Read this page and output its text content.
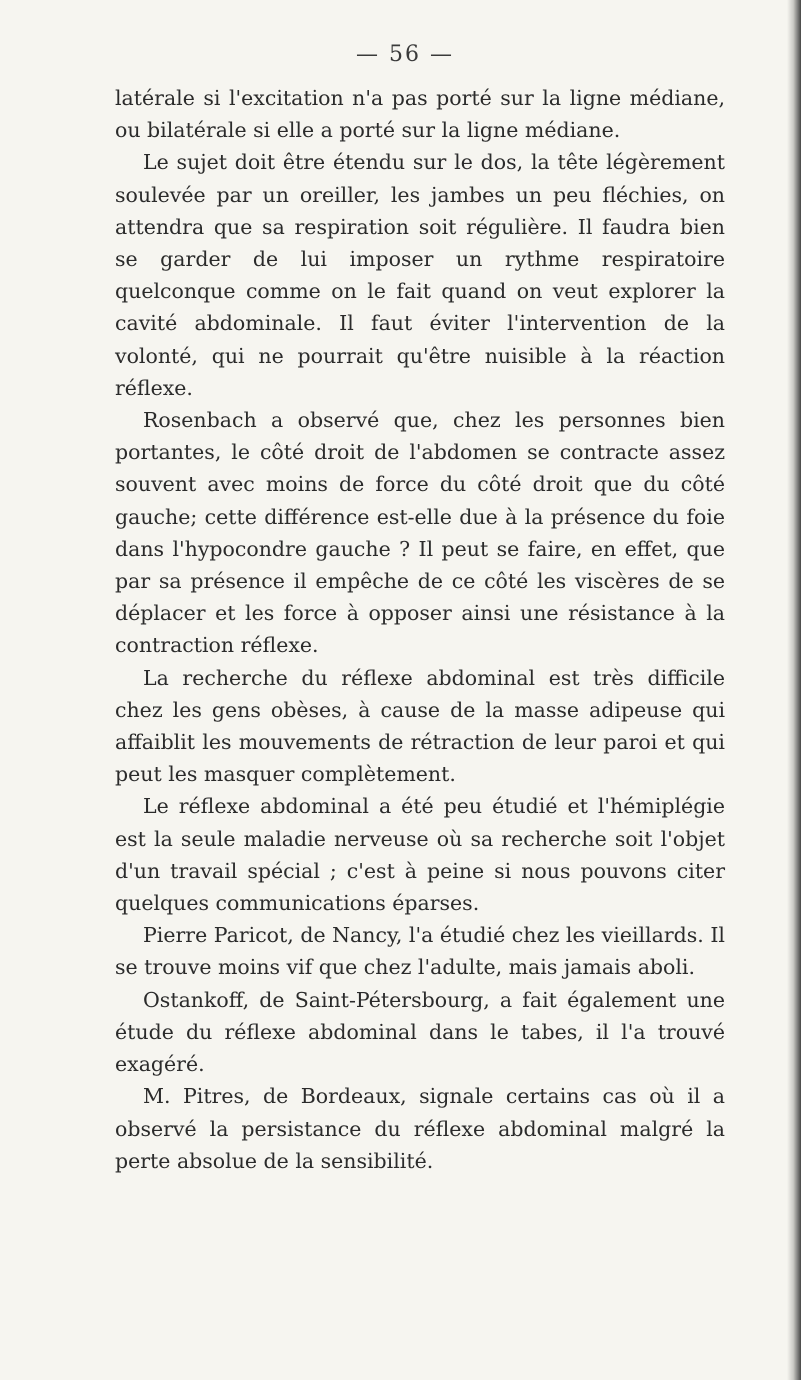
— 56 —

latérale si l'excitation n'a pas porté sur la ligne médiane, ou bilatérale si elle a porté sur la ligne médiane.

Le sujet doit être étendu sur le dos, la tête légèrement soulevée par un oreiller, les jambes un peu fléchies, on attendra que sa respiration soit régulière. Il faudra bien se garder de lui imposer un rythme respiratoire quelconque comme on le fait quand on veut explorer la cavité abdominale. Il faut éviter l'intervention de la volonté, qui ne pourrait qu'être nuisible à la réaction réflexe.

Rosenbach a observé que, chez les personnes bien portantes, le côté droit de l'abdomen se contracte assez souvent avec moins de force du côté droit que du côté gauche; cette différence est-elle due à la présence du foie dans l'hypocondre gauche ? Il peut se faire, en effet, que par sa présence il empêche de ce côté les viscères de se déplacer et les force à opposer ainsi une résistance à la contraction réflexe.

La recherche du réflexe abdominal est très difficile chez les gens obèses, à cause de la masse adipeuse qui affaiblit les mouvements de rétraction de leur paroi et qui peut les masquer complètement.

Le réflexe abdominal a été peu étudié et l'hémiplégie est la seule maladie nerveuse où sa recherche soit l'objet d'un travail spécial ; c'est à peine si nous pouvons citer quelques communications éparses.

Pierre Paricot, de Nancy, l'a étudié chez les vieillards. Il se trouve moins vif que chez l'adulte, mais jamais aboli.

Ostankoff, de Saint-Pétersbourg, a fait également une étude du réflexe abdominal dans le tabes, il l'a trouvé exagéré.

M. Pitres, de Bordeaux, signale certains cas où il a observé la persistance du réflexe abdominal malgré la perte absolue de la sensibilité.
